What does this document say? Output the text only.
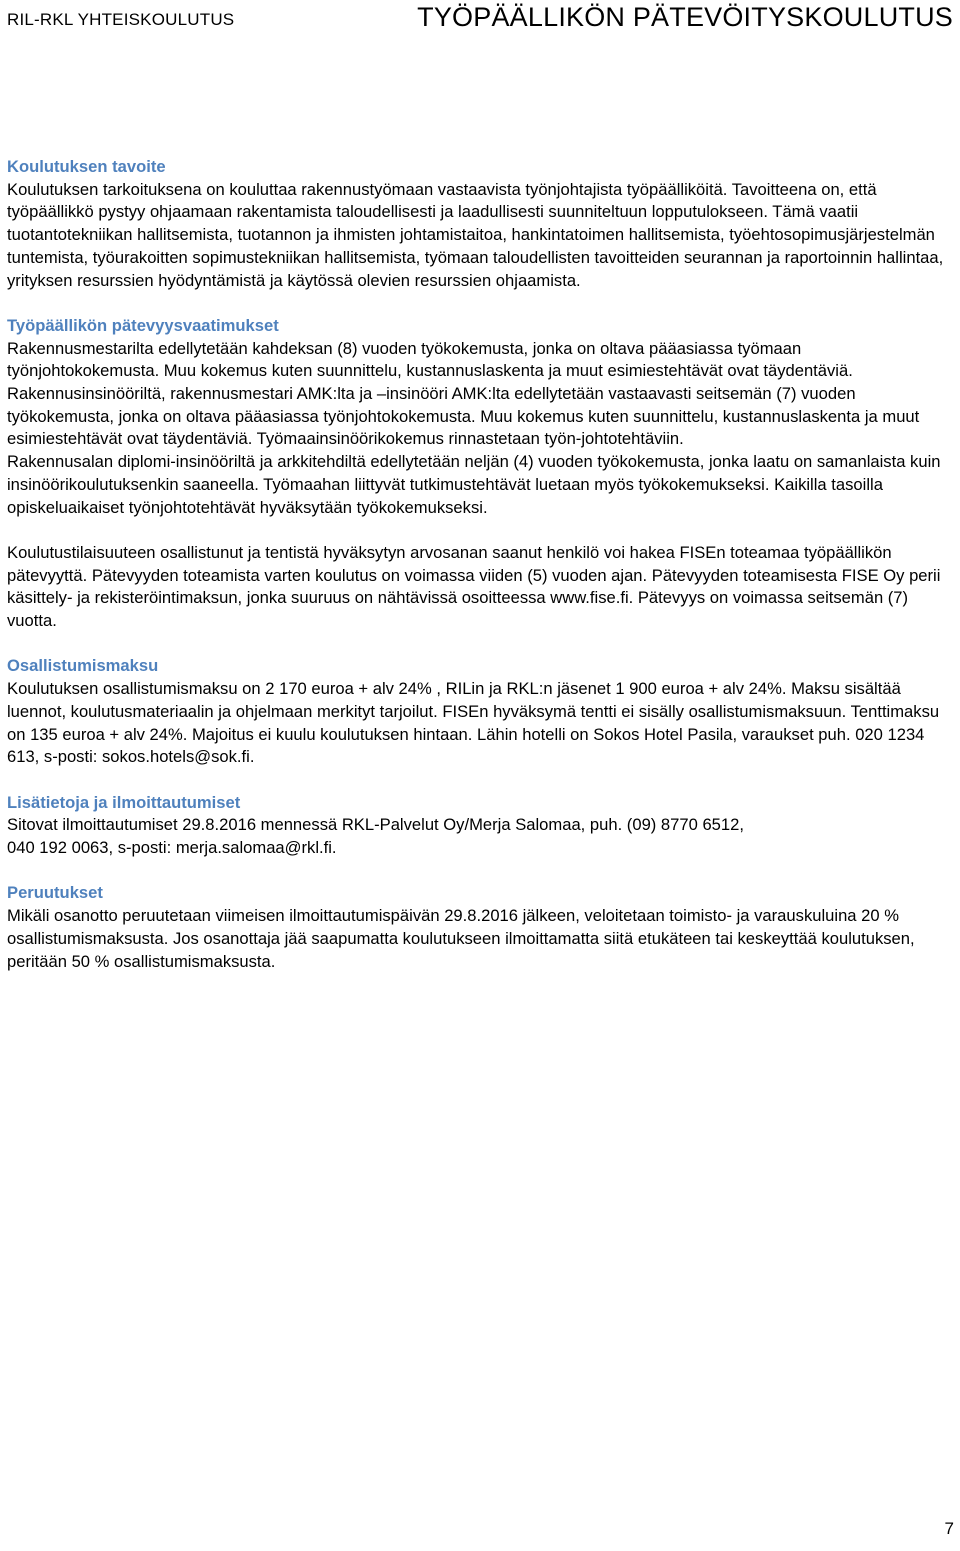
RIL-RKL YHTEISKOULUTUS	TYÖPÄÄLLIKÖN PÄTEVÖITYSKOULUTUS
Koulutuksen tavoite
Koulutuksen tarkoituksena on kouluttaa rakennustyömaan vastaavista työnjohtajista työpäälliköitä. Tavoitteena on, että työpäällikkö pystyy ohjaamaan rakentamista taloudellisesti ja laadullisesti suunniteltuun lopputulokseen. Tämä vaatii tuotantotekniikan hallitsemista, tuotannon ja ihmisten johtamistaitoa, hankintatoimen hallitsemista, työehtosopimusjärjestelmän tuntemista, työurakoitten sopimustekniikan hallitsemista, työmaan taloudellisten tavoitteiden seurannan ja raportoinnin hallintaa, yrityksen resurssien hyödyntämistä ja käytössä olevien resurssien ohjaamista.
Työpäällikön pätevyysvaatimukset
Rakennusmestarilta edellytetään kahdeksan (8) vuoden työkokemusta, jonka on oltava pääasiassa työmaan työnjohtokokemusta. Muu kokemus kuten suunnittelu, kustannuslaskenta ja muut esimiestehtävät ovat täydentäviä.
Rakennusinsinööriltä, rakennusmestari AMK:lta ja –insinööri AMK:lta edellytetään vastaavasti seitsemän (7) vuoden työkokemusta, jonka on oltava pääasiassa työnjohtokokemusta. Muu kokemus kuten suunnittelu, kustannuslaskenta ja muut esimiestehtävät ovat täydentäviä. Työmaainsinöörikokemus rinnastetaan työn-johtotehtäviin.
Rakennusalan diplomi-insinööriltä ja arkkitehdiltä edellytetään neljän (4) vuoden työkokemusta, jonka laatu on samanlaista kuin insinöörikoulutuksenkin saaneella. Työmaahan liittyvät tutkimustehtävät luetaan myös työkokemukseksi. Kaikilla tasoilla opiskeluaikaiset työnjohtotehtävät hyväksytään työkokemukseksi.
Koulutustilaisuuteen osallistunut ja tentistä hyväksytyn arvosanan saanut henkilö voi hakea FISEn toteamaa työpäällikön pätevyyttä. Pätevyyden toteamista varten koulutus on voimassa viiden (5) vuoden ajan. Pätevyyden toteamisesta FISE Oy perii käsittely- ja rekisteröintimaksun, jonka suuruus on nähtävissä osoitteessa www.fise.fi. Pätevyys on voimassa seitsemän (7) vuotta.
Osallistumismaksu
Koulutuksen osallistumismaksu on 2 170 euroa + alv 24% , RILin ja RKL:n jäsenet 1 900 euroa + alv 24%. Maksu sisältää luennot, koulutusmateriaalin ja ohjelmaan merkityt tarjoilut. FISEn hyväksymä tentti ei sisälly osallistumismaksuun. Tenttimaksu on 135 euroa + alv 24%. Majoitus ei kuulu koulutuksen hintaan. Lähin hotelli on Sokos Hotel Pasila, varaukset puh. 020 1234 613, s-posti: sokos.hotels@sok.fi.
Lisätietoja ja ilmoittautumiset
Sitovat ilmoittautumiset 29.8.2016 mennessä RKL-Palvelut Oy/Merja Salomaa, puh. (09) 8770 6512,
040 192 0063, s-posti: merja.salomaa@rkl.fi.
Peruutukset
Mikäli osanotto peruutetaan viimeisen ilmoittautumispäivän 29.8.2016 jälkeen, veloitetaan toimisto- ja varauskuluina 20 % osallistumismaksusta. Jos osanottaja jää saapumatta koulutukseen ilmoittamatta siitä etukäteen tai keskeyttää koulutuksen, peritään 50 % osallistumismaksusta.
7
